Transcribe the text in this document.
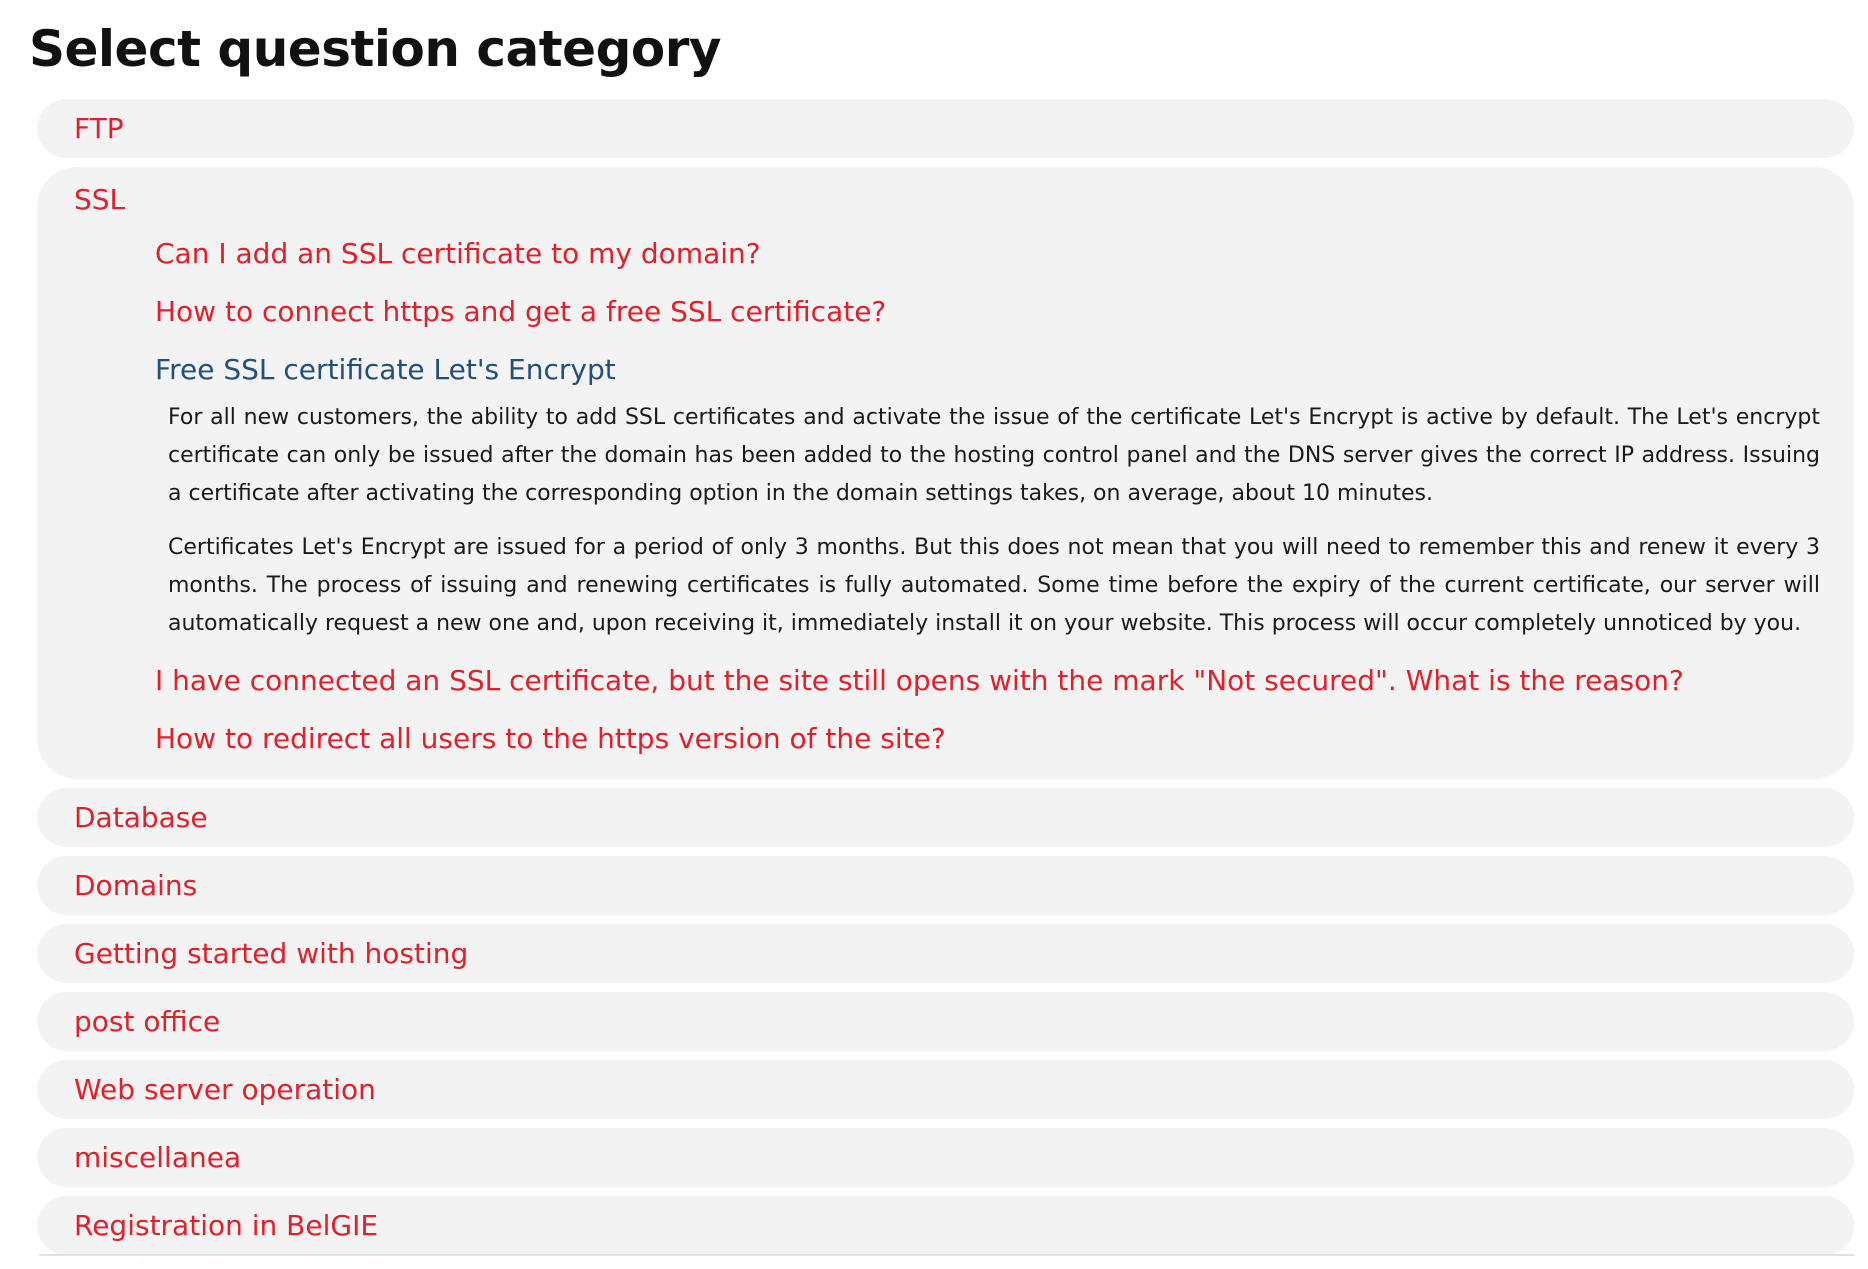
Select question category
FTP
SSL
Can I add an SSL certificate to my domain?
How to connect https and get a free SSL certificate?
Free SSL certificate Let's Encrypt

For all new customers, the ability to add SSL certificates and activate the issue of the certificate Let's Encrypt is active by default. The Let's encrypt certificate can only be issued after the domain has been added to the hosting control panel and the DNS server gives the correct IP address. Issuing a certificate after activating the corresponding option in the domain settings takes, on average, about 10 minutes.

Certificates Let's Encrypt are issued for a period of only 3 months. But this does not mean that you will need to remember this and renew it every 3 months. The process of issuing and renewing certificates is fully automated. Some time before the expiry of the current certificate, our server will automatically request a new one and, upon receiving it, immediately install it on your website. This process will occur completely unnoticed by you.

I have connected an SSL certificate, but the site still opens with the mark "Not secured". What is the reason?
How to redirect all users to the https version of the site?
Database
Domains
Getting started with hosting
post office
Web server operation
miscellanea
Registration in BelGIE
